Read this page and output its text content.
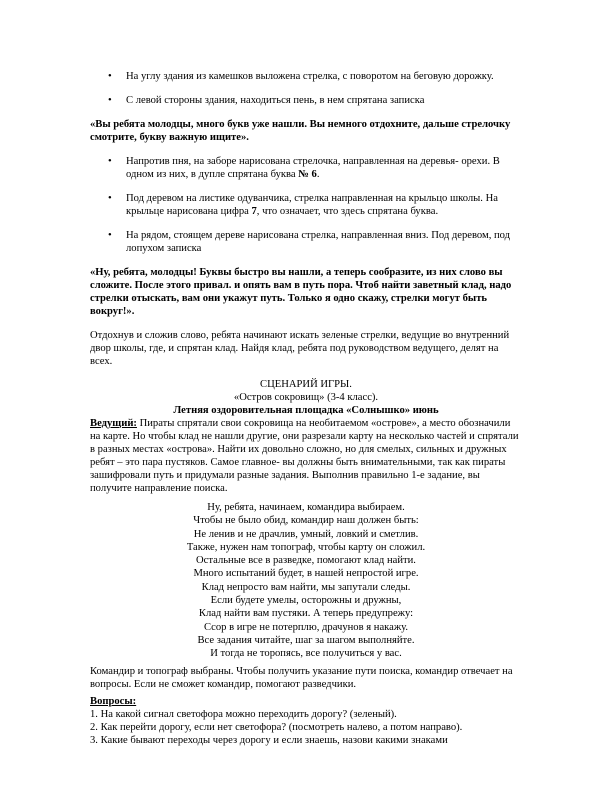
• На углу здания из камешков выложена стрелка, с поворотом на беговую дорожку.
• С левой стороны здания, находиться пень, в нем спрятана записка

«Вы ребята молодцы, много букв уже нашли. Вы немного отдохните, дальше стрелочку смотрите, букву важную ищите».

• Напротив пня, на заборе нарисована стрелочка, направленная на деревья- орехи. В одном из них, в дупле спрятана буква № 6.
• Под деревом на листике одуванчика, стрелка направленная на крыльцо школы. На крыльце нарисована цифра 7, что означает, что здесь спрятана буква.
• На рядом, стоящем дереве нарисована стрелка, направленная вниз. Под деревом, под лопухом записка

«Ну, ребята, молодцы! Буквы быстро вы нашли, а теперь сообразите, из них слово вы сложите. После этого привал. и опять вам в путь пора. Чтоб найти заветный клад, надо стрелки отыскать, вам они укажут путь. Только я одно скажу, стрелки могут быть вокруг!».

Отдохнув и сложив слово, ребята начинают искать зеленые стрелки, ведущие во внутренний двор школы, где, и спрятан клад. Найдя клад, ребята под руководством ведущего, делят на всех.

СЦЕНАРИЙ ИГРЫ.
«Остров сокровищ» (3-4 класс).
Летняя оздоровительная площадка «Солнышко» июнь

Ведущий: Пираты спрятали свои сокровища на необитаемом «острове», а место обозначили на карте. Но чтобы клад не нашли другие, они разрезали карту на несколько частей и спрятали в разных местах «острова». Найти их довольно сложно, но для смелых, сильных и дружных ребят – это пара пустяков. Самое главное- вы должны быть внимательными, так как пираты зашифровали путь и придумали разные задания. Выполнив правильно 1-е задание, вы получите направление поиска.

Ну, ребята, начинаем, командира выбираем.
Чтобы не было обид, командир наш должен быть:
Не ленив и не драчлив, умный, ловкий и сметлив.
Также, нужен нам топограф, чтобы карту он сложил.
Остальные все в разведке, помогают клад найти.
Много испытаний будет, в нашей непростой игре.
Клад непросто вам найти, мы запутали следы.
Если будете умелы, осторожны и дружны,
Клад найти вам пустяки. А теперь предупрежу:
Ссор в игре не потерплю, драчунов я накажу.
Все задания читайте, шаг за шагом выполняйте.
И тогда не торопясь, все получиться у вас.

Командир и топограф выбраны. Чтобы получить указание пути поиска, командир отвечает на вопросы. Если не сможет командир, помогают разведчики.

Вопросы:
1. На какой сигнал светофора можно переходить дорогу? (зеленый).
2. Как перейти дорогу, если нет светофора? (посмотреть налево, а потом направо).
3. Какие бывают переходы через дорогу и если знаешь, назови какими знаками
